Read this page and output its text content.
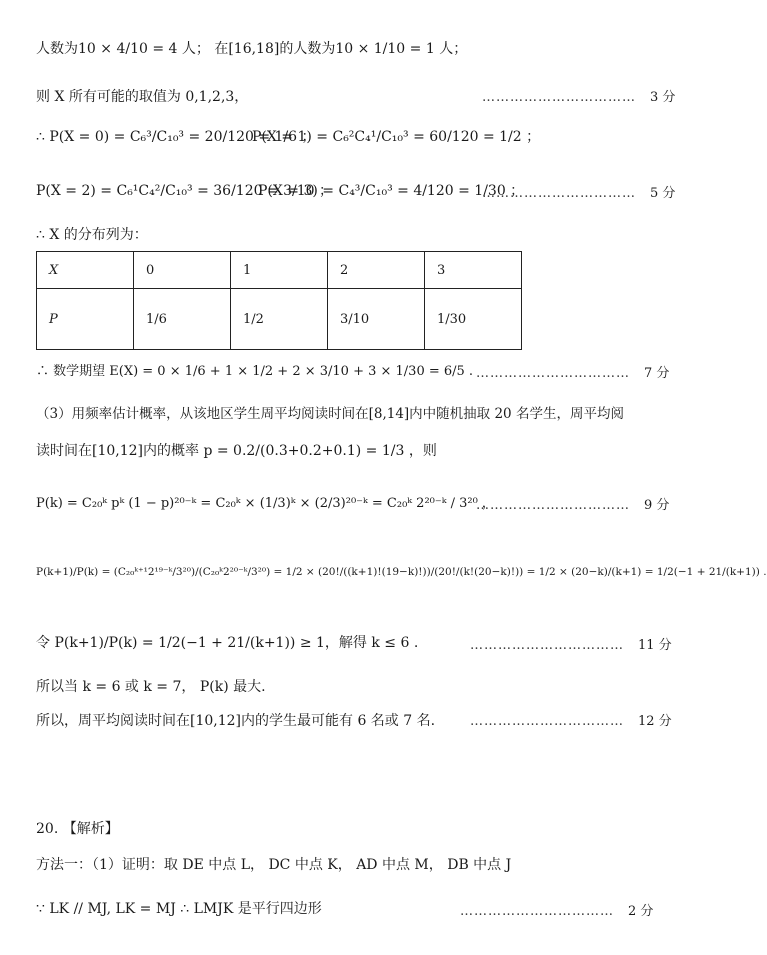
人数为10 × 4/10 = 4 人； 在[16,18]的人数为10 × 1/10 = 1 人；
则 X 所有可能的取值为 0,1,2,3，	…………………………… 3 分
∴ P(X = 0) = C₆³/C₁₀³ = 20/120 = 1/6 ；
P(X = 1) = C₆²C₄¹/C₁₀³ = 60/120 = 1/2 ；
P(X = 2) = C₆¹C₄²/C₁₀³ = 36/120 = 3/10 ；
P(X = 3) = C₄³/C₁₀³ = 4/120 = 1/30 ；
…………………………… 5 分
∴ X 的分布列为：
X	0	1	2	3
P	1/6	1/2	3/10	1/30
∴ 数学期望 E(X) = 0 × 1/6 + 1 × 1/2 + 2 × 3/10 + 3 × 1/30 = 6/5 . …………………………… 7 分
（3）用频率估计概率，从该地区学生周平均阅读时间在[8,14]内中随机抽取 20 名学生，周平均阅
读时间在[10,12]内的概率 p = 0.2/(0.3+0.2+0.1) = 1/3 ，则
P(k) = C₂₀ᵏ pᵏ (1 − p)²⁰⁻ᵏ = C₂₀ᵏ × (1/3)ᵏ × (2/3)²⁰⁻ᵏ = C₂₀ᵏ 2²⁰⁻ᵏ / 3²⁰ ，
…………………………… 9 分
P(k+1)/P(k) = (C₂₀ᵏ⁺¹2¹⁹⁻ᵏ/3²⁰)/(C₂₀ᵏ2²⁰⁻ᵏ/3²⁰) = 1/2 × (20!/((k+1)!(19−k)!))/(20!/(k!(20−k)!)) = 1/2 × (20−k)/(k+1) = 1/2(−1 + 21/(k+1)) .
令 P(k+1)/P(k) = 1/2(−1 + 21/(k+1)) ≥ 1，解得 k ≤ 6 .	…………………………… 11 分
所以当 k = 6 或 k = 7， P(k) 最大.
所以，周平均阅读时间在[10,12]内的学生最可能有 6 名或 7 名.	…………………………… 12 分
20. 【解析】
方法一：（1）证明：取 DE 中点 L， DC 中点 K， AD 中点 M， DB 中点 J
∵ LK // MJ, LK = MJ ∴ LMJK 是平行四边形	…………………………… 2 分
